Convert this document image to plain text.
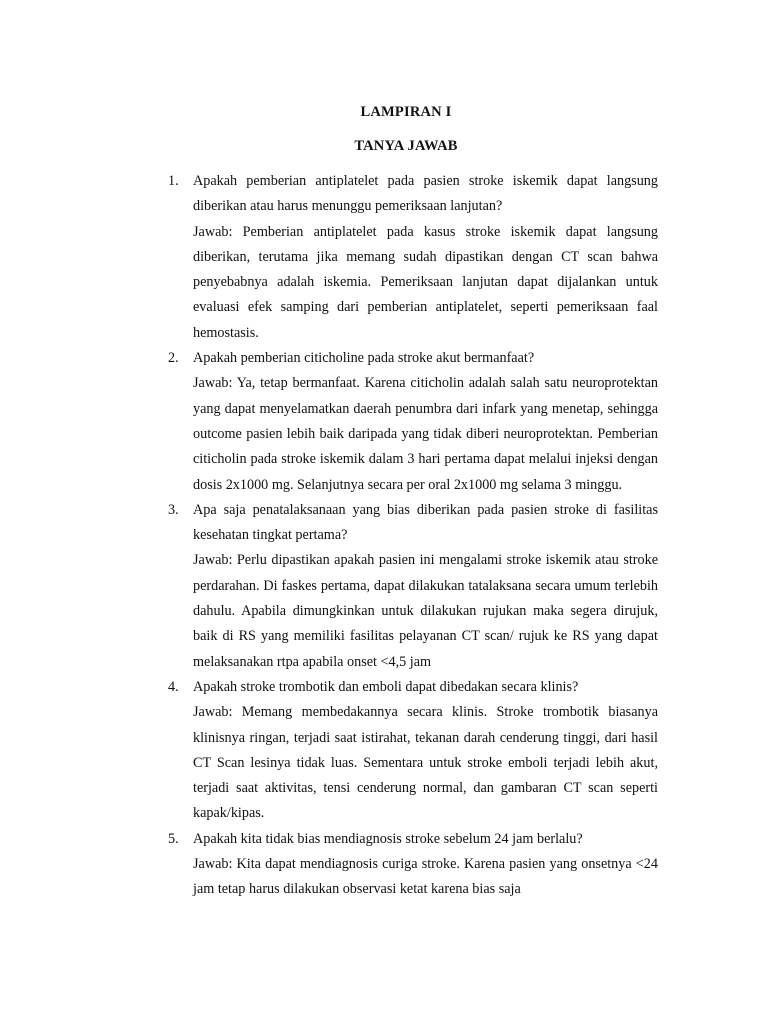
LAMPIRAN I
TANYA JAWAB
1. Apakah pemberian antiplatelet pada pasien stroke iskemik dapat langsung diberikan atau harus menunggu pemeriksaan lanjutan?

Jawab: Pemberian antiplatelet pada kasus stroke iskemik dapat langsung diberikan, terutama jika memang sudah dipastikan dengan CT scan bahwa penyebabnya adalah iskemia. Pemeriksaan lanjutan dapat dijalankan untuk evaluasi efek samping dari pemberian antiplatelet, seperti pemeriksaan faal hemostasis.

2. Apakah pemberian citicholine pada stroke akut bermanfaat?

Jawab: Ya, tetap bermanfaat. Karena citicholin adalah salah satu neuroprotektan yang dapat menyelamatkan daerah penumbra dari infark yang menetap, sehingga outcome pasien lebih baik daripada yang tidak diberi neuroprotektan. Pemberian citicholin pada stroke iskemik dalam 3 hari pertama dapat melalui injeksi dengan dosis 2x1000 mg. Selanjutnya secara per oral 2x1000 mg selama 3 minggu.

3. Apa saja penatalaksanaan yang bias diberikan pada pasien stroke di fasilitas kesehatan tingkat pertama?

Jawab: Perlu dipastikan apakah pasien ini mengalami stroke iskemik atau stroke perdarahan. Di faskes pertama, dapat dilakukan tatalaksana secara umum terlebih dahulu. Apabila dimungkinkan untuk dilakukan rujukan maka segera dirujuk, baik di RS yang memiliki fasilitas pelayanan CT scan/ rujuk ke RS yang dapat melaksanakan rtpa apabila onset <4,5 jam

4. Apakah stroke trombotik dan emboli dapat dibedakan secara klinis?

Jawab: Memang membedakannya secara klinis. Stroke trombotik biasanya klinisnya ringan, terjadi saat istirahat, tekanan darah cenderung tinggi, dari hasil CT Scan lesinya tidak luas. Sementara untuk stroke emboli terjadi lebih akut, terjadi saat aktivitas, tensi cenderung normal, dan gambaran CT scan seperti kapak/kipas.

5. Apakah kita tidak bias mendiagnosis stroke sebelum 24 jam berlalu?

Jawab: Kita dapat mendiagnosis curiga stroke. Karena pasien yang onsetnya <24 jam tetap harus dilakukan observasi ketat karena bias saja
